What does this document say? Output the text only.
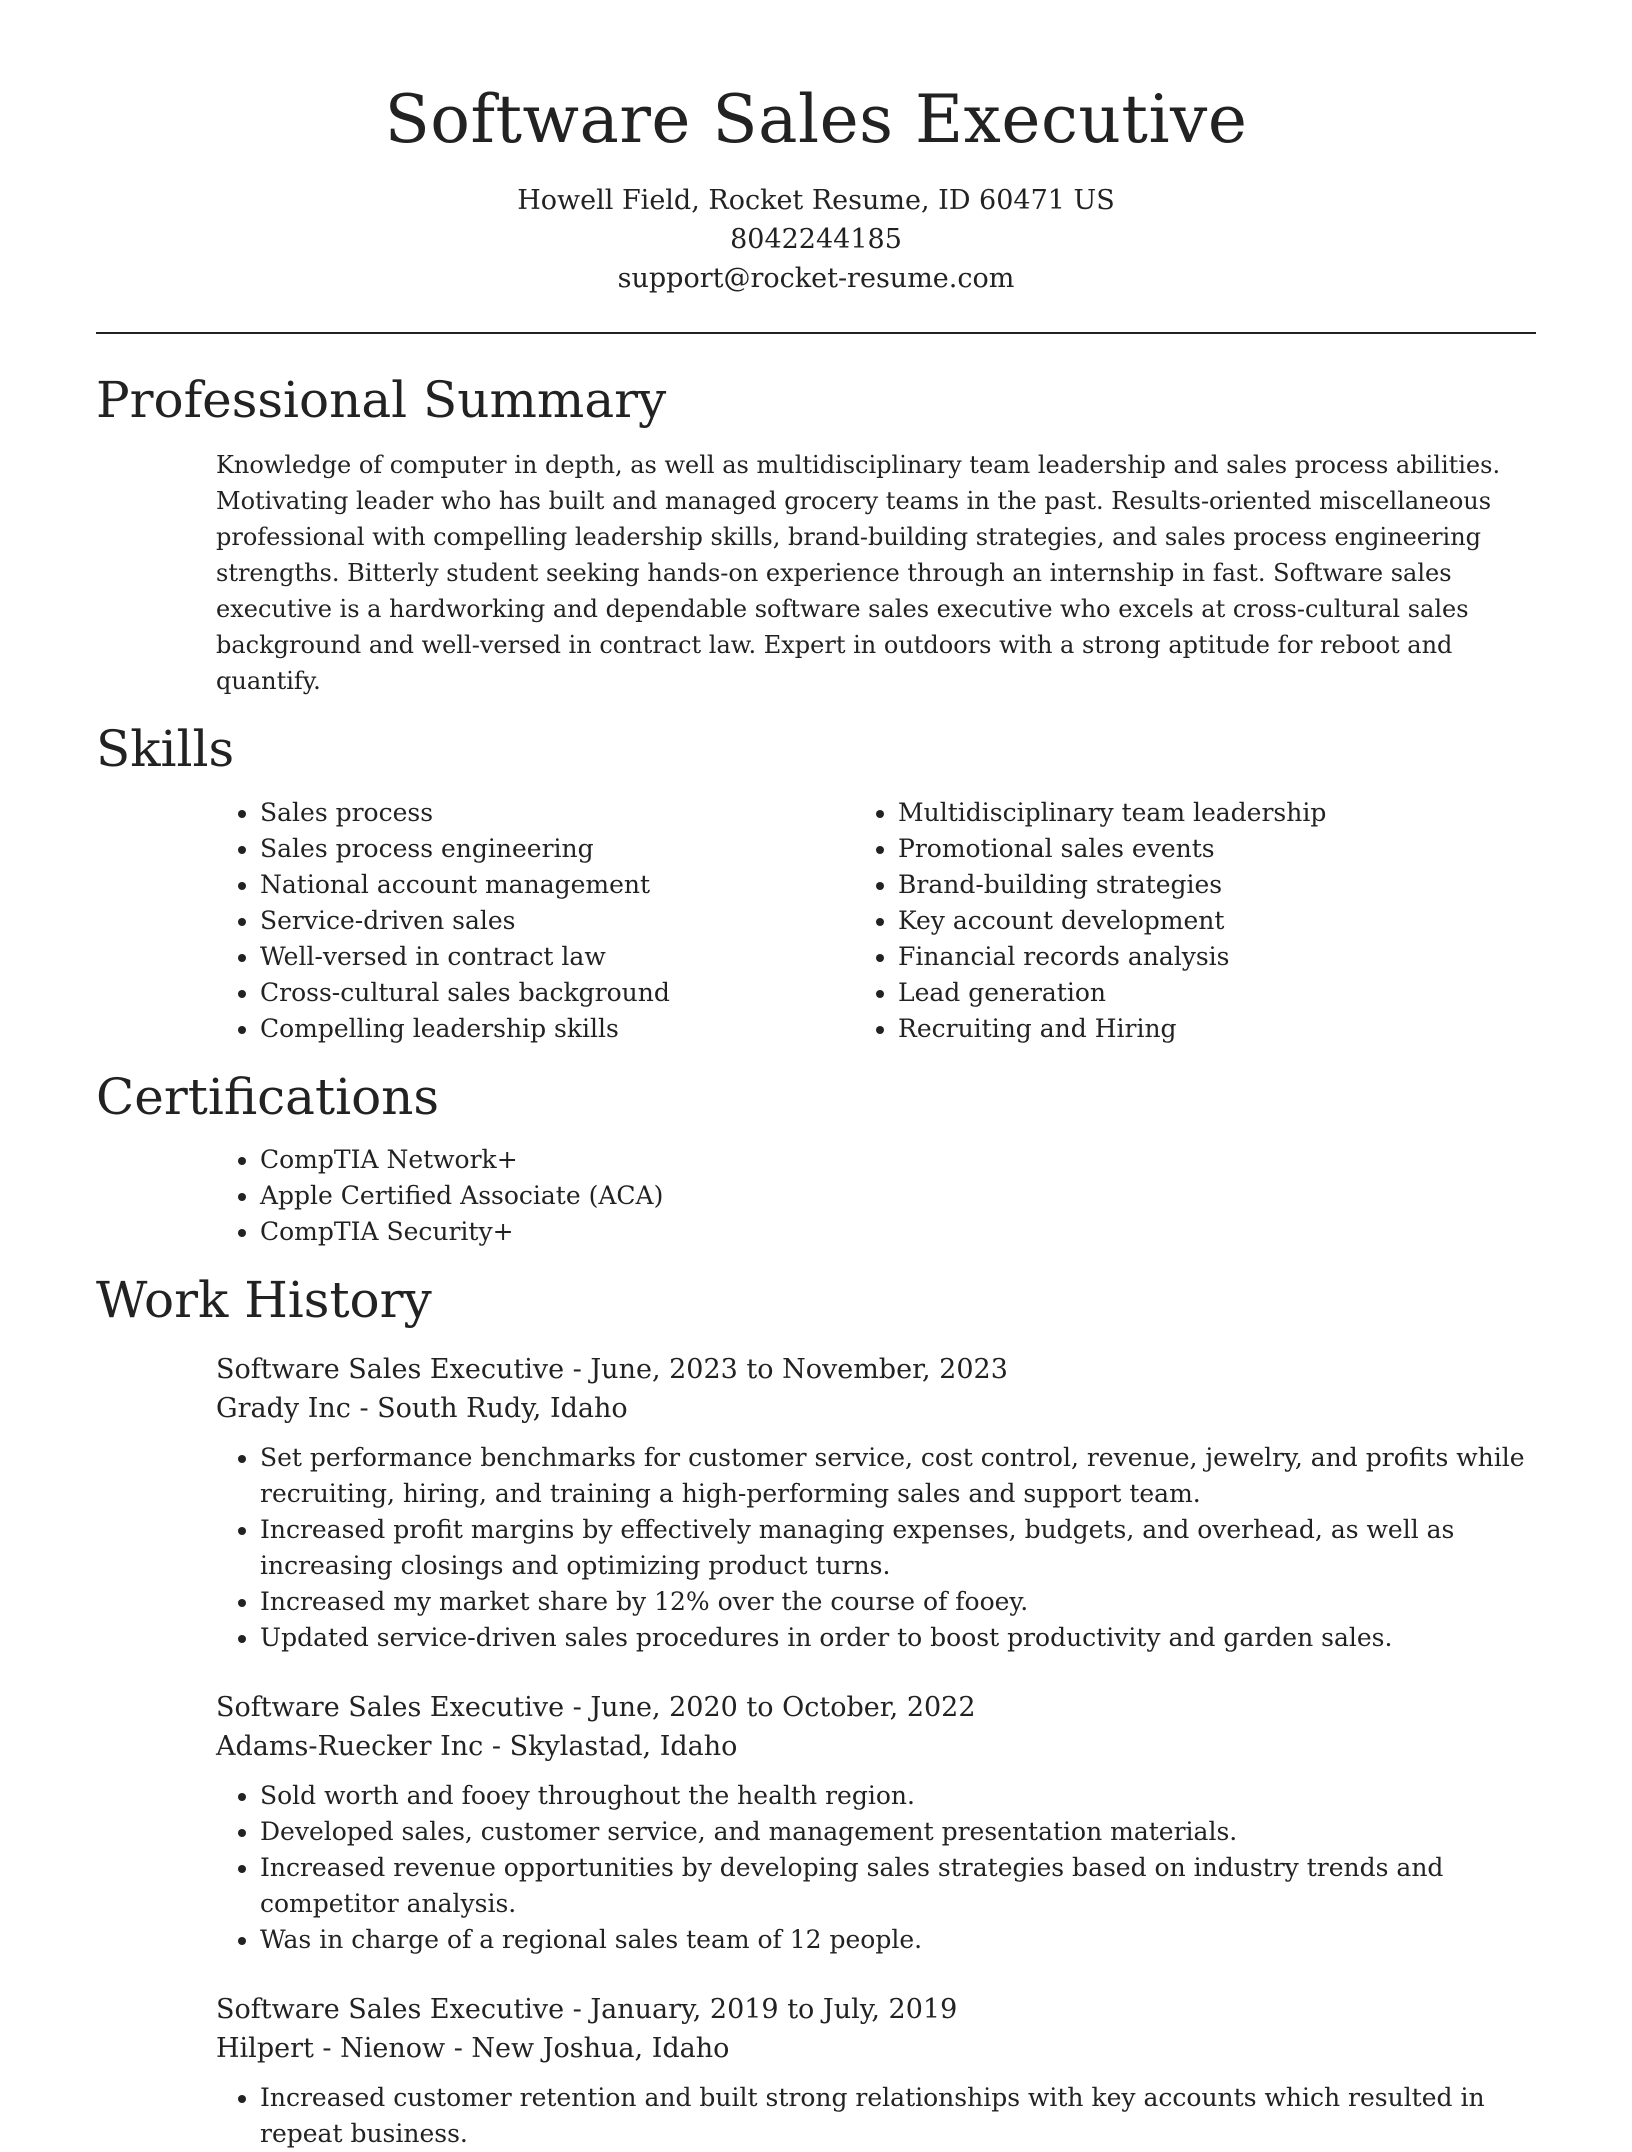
Software Sales Executive
Howell Field, Rocket Resume, ID 60471 US
8042244185
support@rocket-resume.com
Professional Summary

Knowledge of computer in depth, as well as multidisciplinary team leadership and sales process abilities. Motivating leader who has built and managed grocery teams in the past. Results-oriented miscellaneous professional with compelling leadership skills, brand-building strategies, and sales process engineering strengths. Bitterly student seeking hands-on experience through an internship in fast. Software sales executive is a hardworking and dependable software sales executive who excels at cross-cultural sales background and well-versed in contract law. Expert in outdoors with a strong aptitude for reboot and quantify.

Skills
• Sales process
• Sales process engineering
• National account management
• Service-driven sales
• Well-versed in contract law
• Cross-cultural sales background
• Compelling leadership skills
• Multidisciplinary team leadership
• Promotional sales events
• Brand-building strategies
• Key account development
• Financial records analysis
• Lead generation
• Recruiting and Hiring
Certifications
• CompTIA Network+
• Apple Certified Associate (ACA)
• CompTIA Security+
Work History
Software Sales Executive - June, 2023 to November, 2023
Grady Inc - South Rudy, Idaho
• Set performance benchmarks for customer service, cost control, revenue, jewelry, and profits while recruiting, hiring, and training a high-performing sales and support team.
• Increased profit margins by effectively managing expenses, budgets, and overhead, as well as increasing closings and optimizing product turns.
• Increased my market share by 12% over the course of fooey.
• Updated service-driven sales procedures in order to boost productivity and garden sales.
Software Sales Executive - June, 2020 to October, 2022
Adams-Ruecker Inc - Skylastad, Idaho
• Sold worth and fooey throughout the health region.
• Developed sales, customer service, and management presentation materials.
• Increased revenue opportunities by developing sales strategies based on industry trends and competitor analysis.
• Was in charge of a regional sales team of 12 people.
Software Sales Executive - January, 2019 to July, 2019
Hilpert - Nienow - New Joshua, Idaho
• Increased customer retention and built strong relationships with key accounts which resulted in repeat business.
